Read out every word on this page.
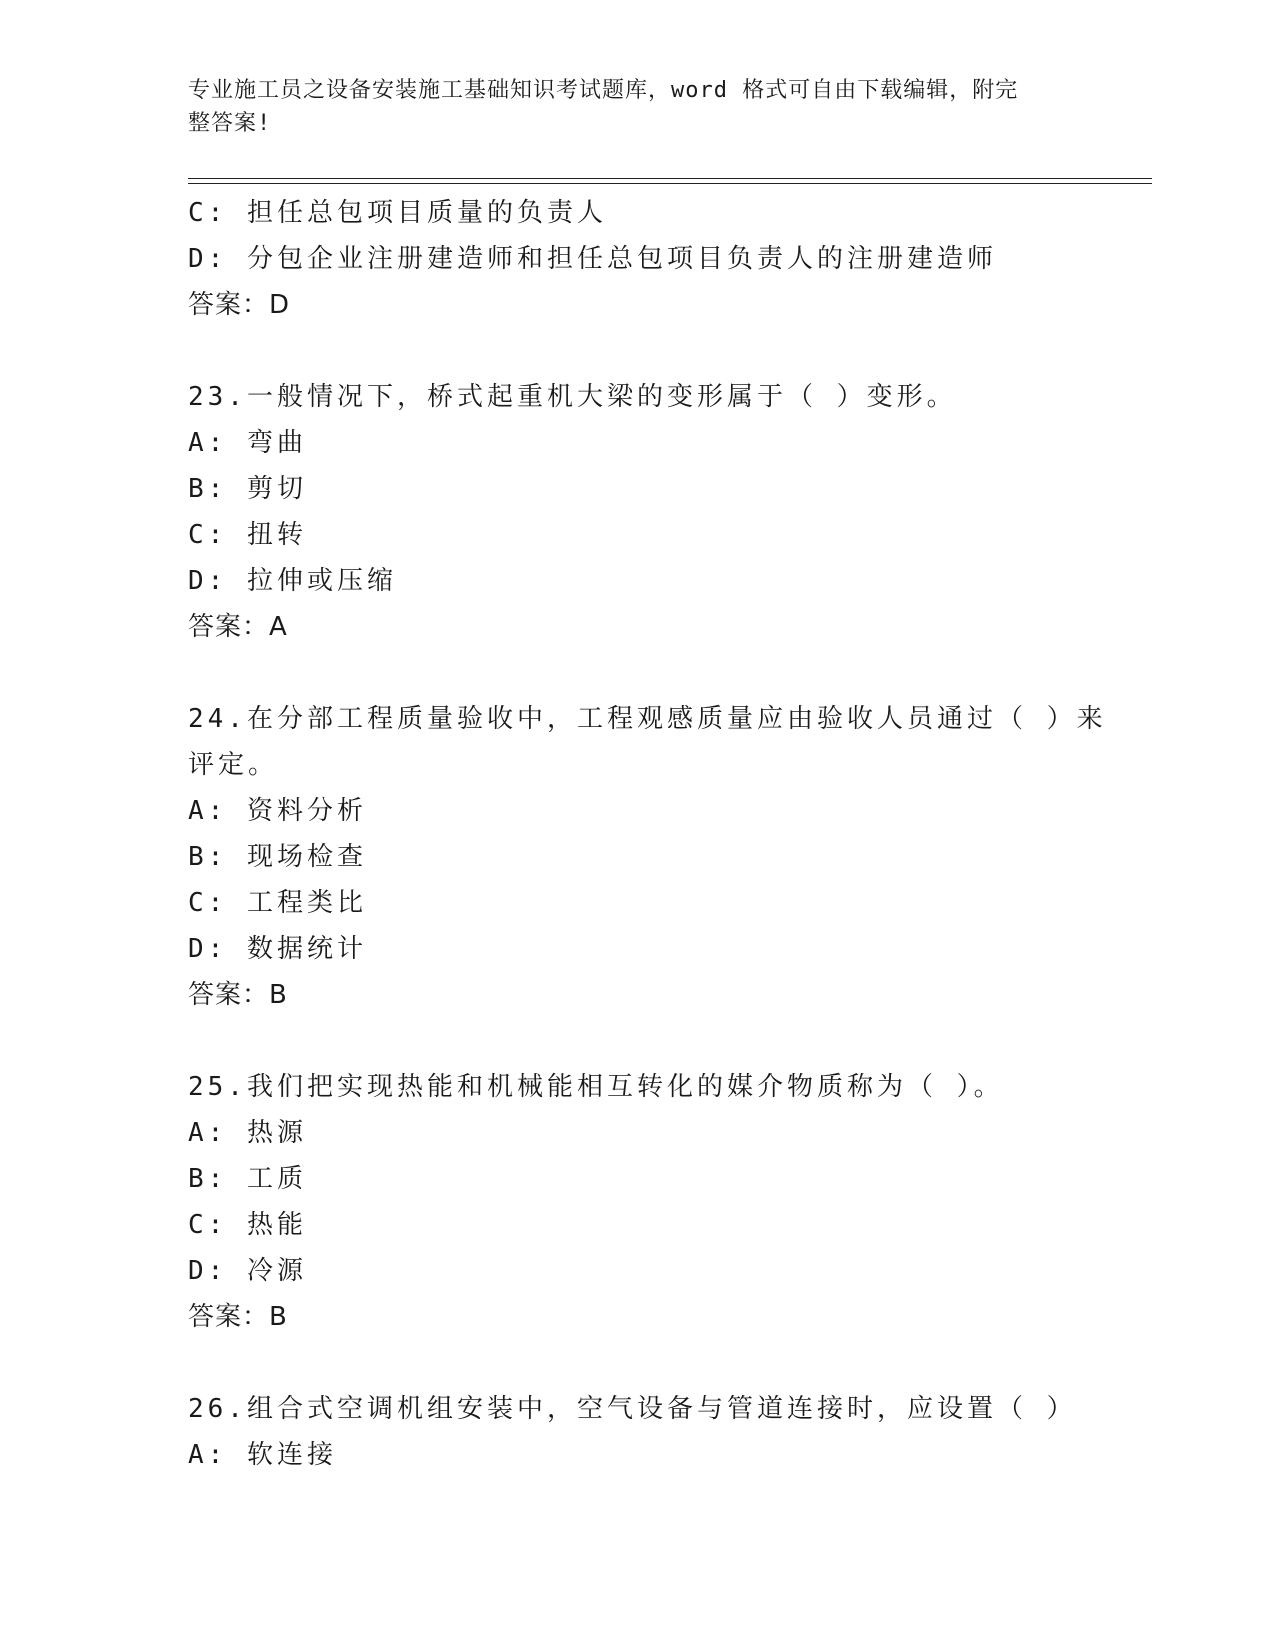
专业施工员之设备安装施工基础知识考试题库，word 格式可自由下载编辑，附完
整答案!
C: 担任总包项目质量的负责人
D: 分包企业注册建造师和担任总包项目负责人的注册建造师
答案：D
23.一般情况下，桥式起重机大梁的变形属于（ ）变形。
A: 弯曲
B: 剪切
C: 扭转
D: 拉伸或压缩
答案：A
24.在分部工程质量验收中，工程观感质量应由验收人员通过（ ）来
评定。
A: 资料分析
B: 现场检查
C: 工程类比
D: 数据统计
答案：B
25.我们把实现热能和机械能相互转化的媒介物质称为（ ）。
A: 热源
B: 工质
C: 热能
D: 冷源
答案：B
26.组合式空调机组安装中，空气设备与管道连接时，应设置（ ）
A: 软连接
